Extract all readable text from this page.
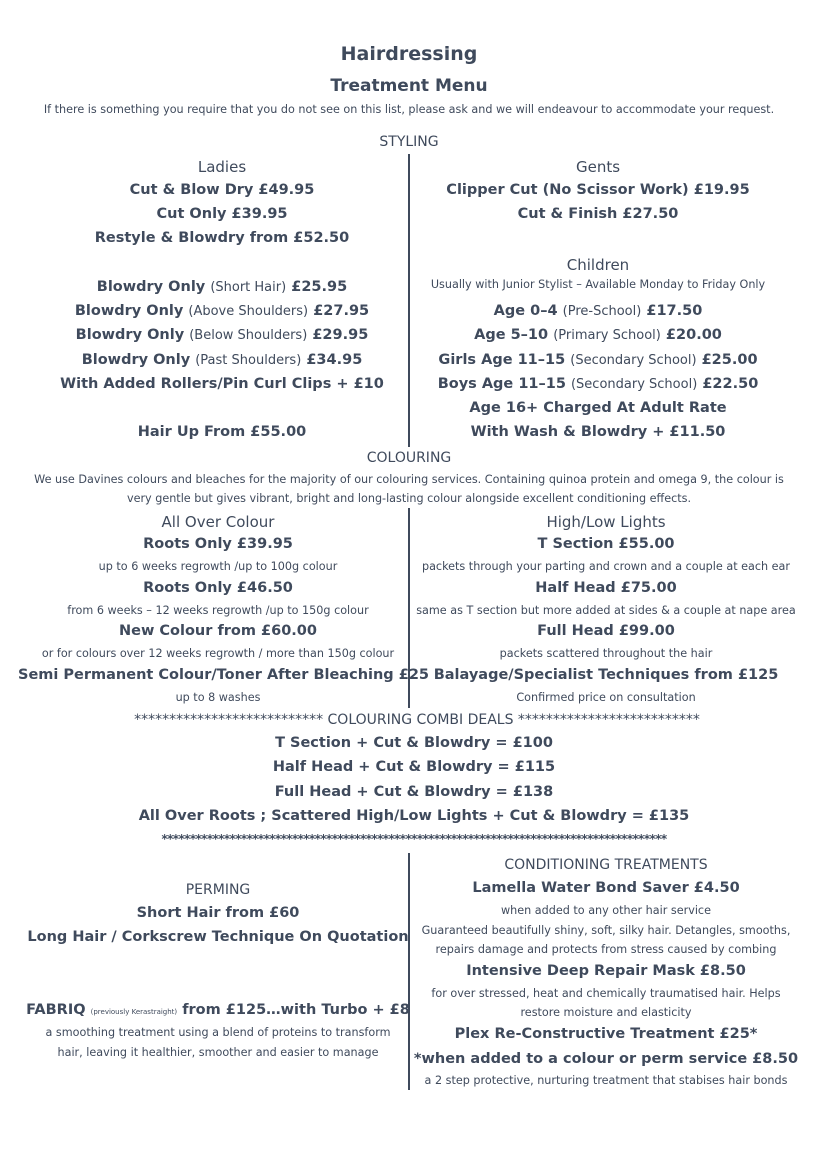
Hairdressing
Treatment Menu
If there is something you require that you do not see on this list, please ask and we will endeavour to accommodate your request.
STYLING
Ladies
Cut & Blow Dry £49.95
Cut Only £39.95
Restyle & Blowdry from £52.50
Blowdry Only (Short Hair) £25.95
Blowdry Only (Above Shoulders) £27.95
Blowdry Only (Below Shoulders) £29.95
Blowdry Only (Past Shoulders) £34.95
With Added Rollers/Pin Curl Clips + £10
Hair Up From £55.00
Gents
Clipper Cut (No Scissor Work) £19.95
Cut & Finish £27.50
Children
Usually with Junior Stylist – Available Monday to Friday Only
Age 0–4 (Pre-School) £17.50
Age 5–10 (Primary School) £20.00
Girls Age 11–15 (Secondary School) £25.00
Boys Age 11–15 (Secondary School) £22.50
Age 16+ Charged At Adult Rate
With Wash & Blowdry + £11.50
COLOURING
We use Davines colours and bleaches for the majority of our colouring services. Containing quinoa protein and omega 9, the colour is
very gentle but gives vibrant, bright and long-lasting colour alongside excellent conditioning effects.
All Over Colour
Roots Only £39.95
up to 6 weeks regrowth /up to 100g colour
Roots Only £46.50
from 6 weeks – 12 weeks regrowth /up to 150g colour
New Colour from £60.00
or for colours over 12 weeks regrowth / more than 150g colour
Semi Permanent Colour/Toner After Bleaching £25
up to 8 washes
High/Low Lights
T Section £55.00
packets through your parting and crown and a couple at each ear
Half Head £75.00
same as T section but more added at sides & a couple at nape area
Full Head £99.00
packets scattered throughout the hair
Balayage/Specialist Techniques from £125
Confirmed price on consultation
*************************** COLOURING COMBI DEALS **************************
T Section + Cut & Blowdry = £100
Half Head + Cut & Blowdry = £115
Full Head + Cut & Blowdry = £138
All Over Roots ; Scattered High/Low Lights + Cut & Blowdry = £135
*****************************************************************************************
PERMING
Short Hair from £60
Long Hair / Corkscrew Technique On Quotation
FABRIQ (previously Kerastraight) from £125…with Turbo + £8
a smoothing treatment using a blend of proteins to transform
hair, leaving it healthier, smoother and easier to manage
CONDITIONING TREATMENTS
Lamella Water Bond Saver £4.50
when added to any other hair service
Guaranteed beautifully shiny, soft, silky hair. Detangles, smooths,
repairs damage and protects from stress caused by combing
Intensive Deep Repair Mask £8.50
for over stressed, heat and chemically traumatised hair. Helps
restore moisture and elasticity
Plex Re-Constructive Treatment £25*
*when added to a colour or perm service £8.50
a 2 step protective, nurturing treatment that stabises hair bonds
